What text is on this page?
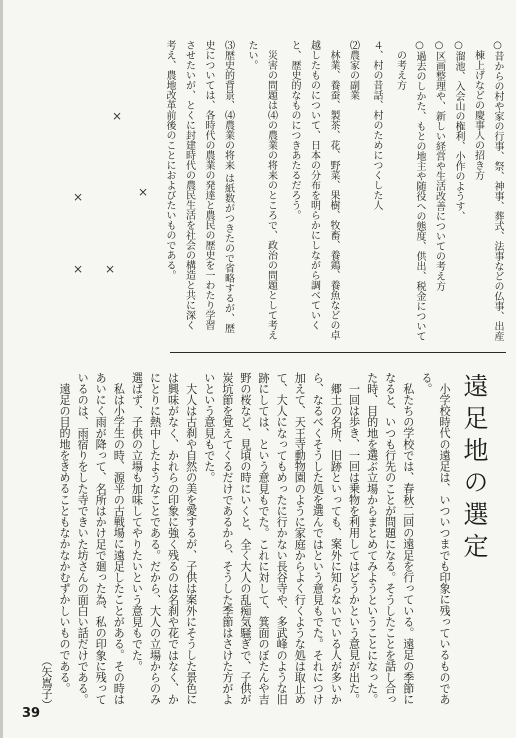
○昔からの村や家の行事、祭、神事、葬式、法事などの仏事、出産
棟上げなどの慶事人の招き方
○溜池、入会山の権利、小作のようす、
○区画整理や、新しい経営や生活改善についての考え方
○過去のしかた、もとの地主や随役への態度、供出、税金について
の考え方
４、村の昔話、村のためにつくした人
⑵農家の副業
林業、養蚕、製茶、花、野菜、果樹、牧畜、養鶏、養魚などの卓
越したものについて、日本の分布を明らかにしながら調べていく
と、歴史的なものにつきあたるだろう。
災害の問題は⑷の農業の将来のところで、政治の問題として考え
たい。
⑶歴史的背景、⑷農業の将来 は紙数がつきたので省略するが、歴
史については、各時代の農業の発達と農民の歴史を一わたり学習
させたいが、とくに封建時代の農民生活を社会の構造と共に深く
考え、農地改革前後のことにおよびたいものである。
×
×
×
×
×
遠足地の選定
小学校時代の遠足は、いついつまでも印象に残っているものであ
る。
私たちの学校では、春秋二回の遠足を行っている。遠足の季節に
なると、いつも行先のことが問題になる。そうしたことを話し合っ
た時、目的地を選ぶ立場からまとめてみようということになった。
一回は歩き、一回は乗物を利用してはどうかという意見が出た。
郷土の名所、旧跡といっても、案外に知らないでいる人が多いか
ら、なるべくそうした処を選んではという意見もでた。それにつけ
加えて、天王寺動物園のように家庭からよく行くような処は取止め
て、大人になってもめったに行かない長谷寺や、多武峰のような旧
跡にしては、という意見もでた。これに対して、箕面のぼたんや吉
野の桜など、見頃の時にいくと、全く大人の乱痴気騒ぎで、子供が
炭坑節を覚えてくるだけであるから、そうした季節はさけた方がよ
いという意見もでた。
大人は古刹や自然の美を愛するが、子供は案外にそうした景色に
は興味がなく、かれらの印象に強く残るのは名刹や花ではなく、か
にとりに熱中したようなことである。だから、大人の立場からのみ
選ばず、子供の立場も加味してやりたいという意見もでた。
私は小学生の時、源平の古戦場に遠足したことがある。その時は
あいにく雨が降って、名所はかけ足で廻った為、私の印象に残って
いるのは、雨宿りをした寺できいた坊さんの面白い話だけである。
遠足の目的地をきめることもなかなかむずかしいものである。
（矢嶌子）
39
